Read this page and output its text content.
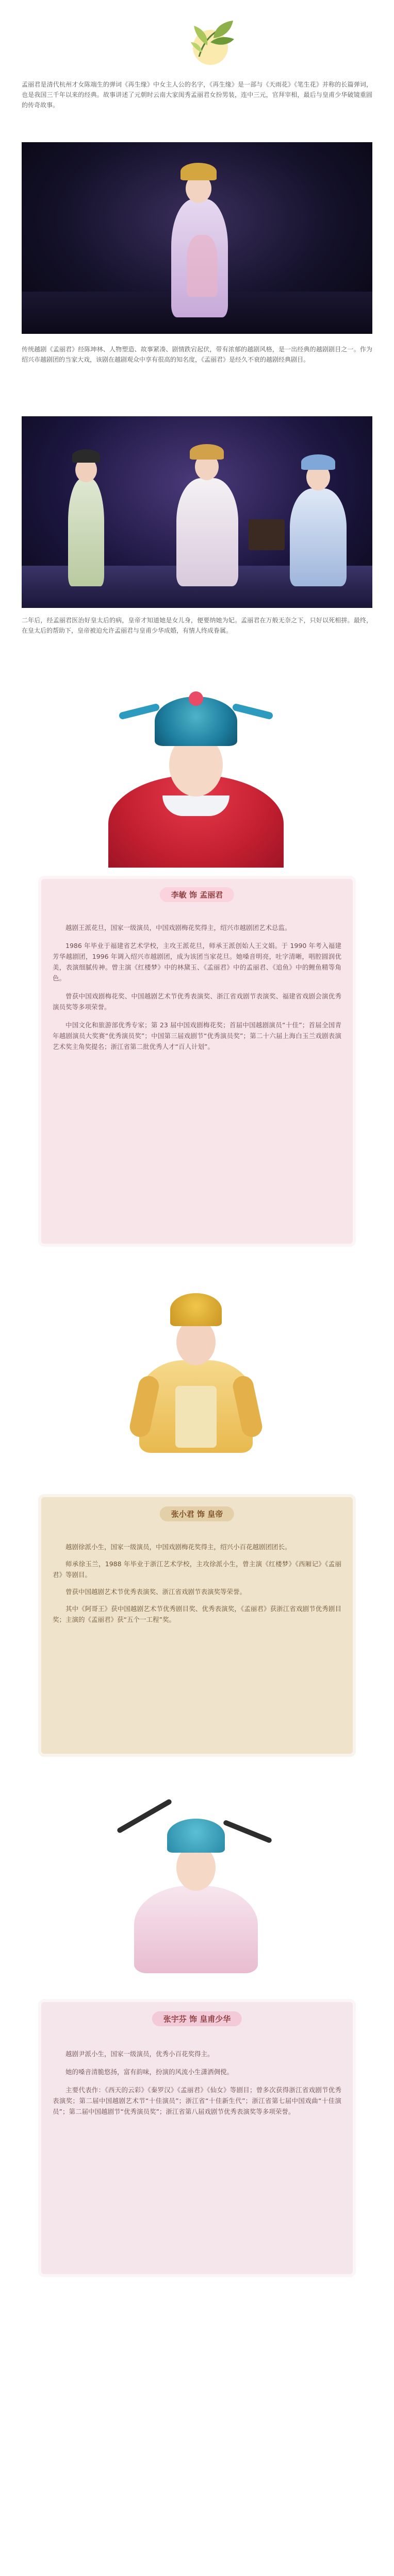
孟丽君是清代杭州才女陈端生的弹词《再生缘》中女主人公的名字，《再生缘》是一部与《天雨花》《笔生花》并称的长篇弹词，也是我国三千年以来的经典。故事讲述了元朝时云南大家闺秀孟丽君女扮男装，连中三元，官拜宰相，最后与皇甫少华破镜重圆的传奇故事。
传统越剧《孟丽君》经陈坤林、人物塑造、故事紧凑、剧情跌宕起伏，带有浓郁的越剧风格，是一出经典的越剧剧目之一。作为绍兴市越剧团的当家大戏，该剧在越剧观众中享有很高的知名度，《孟丽君》是经久不衰的越剧经典剧目。
二年后，经孟丽君医治好皇太后的病，皇帝才知道她是女儿身，便要纳她为妃。孟丽君在万般无奈之下，只好以死相拼。最终，在皇太后的帮助下，皇帝被迫允许孟丽君与皇甫少华成婚，有情人终成眷属。
李敏 饰 孟丽君

越剧王派花旦，国家一级演员，中国戏剧梅花奖得主，绍兴市越剧团艺术总监。

1986 年毕业于福建省艺术学校，主攻王派花旦，师承王派创始人王文娟。于 1990 年考入福建芳华越剧团，1996 年调入绍兴市越剧团，成为该团当家花旦。她嗓音明亮，吐字清晰，唱腔圆润优美，表演细腻传神。曾主演《红楼梦》中的林黛玉、《孟丽君》中的孟丽君、《追鱼》中的鲤鱼精等角色。

曾获中国戏剧梅花奖、中国越剧艺术节优秀表演奖、浙江省戏剧节表演奖、福建省戏剧会演优秀演员奖等多项荣誉。

中国文化和旅游部优秀专家；第 23 届中国戏剧梅花奖；首届中国越剧演员“十佳”；首届全国青年越剧演员大奖赛“优秀演员奖”；中国第三届戏剧节“优秀演员奖”；第二十六届上海白玉兰戏剧表演艺术奖主角奖提名；浙江省第二批优秀人才“百人计划”。

张小君 饰 皇帝

越剧徐派小生，国家一级演员，中国戏剧梅花奖得主，绍兴小百花越剧团团长。

师承徐玉兰，1988 年毕业于浙江艺术学校，主攻徐派小生，曾主演《红楼梦》《西厢记》《孟丽君》等剧目。

曾获中国越剧艺术节优秀表演奖、浙江省戏剧节表演奖等荣誉。

其中《阿哥王》获中国越剧艺术节优秀剧目奖、优秀表演奖，《孟丽君》获浙江省戏剧节优秀剧目奖；主演的《孟丽君》获“五个一工程”奖。

张宇芬 饰 皇甫少华

越剧尹派小生，国家一级演员，优秀小百花奖得主。

她的嗓音清脆悠扬，富有韵味，扮演的风流小生潇洒倜傥。

主要代表作：《西天的云彩》《秦罗汉》《孟丽君》《仙女》等剧目；曾多次获得浙江省戏剧节优秀表演奖；第二届中国越剧艺术节“十佳演员”；浙江省“十佳新生代”；浙江省第七届中国戏曲“十佳演员”；第二届中国越剧节“优秀演员奖”；浙江省第八届戏剧节优秀表演奖等多项荣誉。
